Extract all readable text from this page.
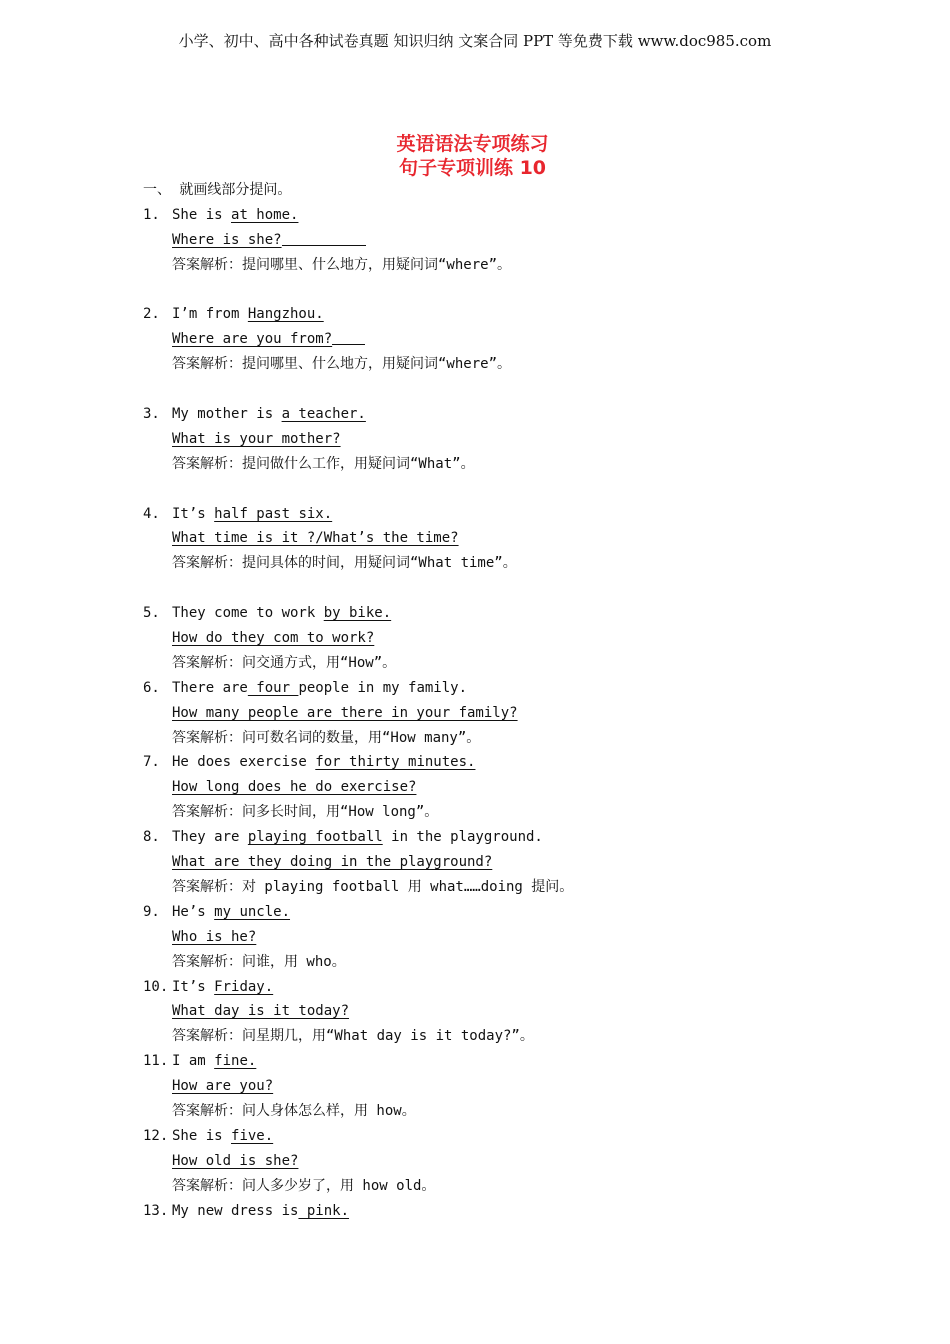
小学、初中、高中各种试卷真题 知识归纳 文案合同 PPT 等免费下载 www.doc985.com
英语语法专项练习
句子专项训练 10
一、 就画线部分提问。
1. She is at home.
Where is she?
答案解析：提问哪里、什么地方，用疑问词“where”。
2. I’m from Hangzhou.
Where are you from?
答案解析：提问哪里、什么地方，用疑问词“where”。
3. My mother is a teacher.
What is your mother?
答案解析：提问做什么工作，用疑问词“What”。
4. It’s half past six.
What time is it ?/What’s the time?
答案解析：提问具体的时间，用疑问词“What time”。
5. They come to work by bike.
How do they com to work?
答案解析：问交通方式，用“How”。
6. There are four people in my family.
How many people are there in your family?
答案解析：问可数名词的数量，用“How many”。
7. He does exercise for thirty minutes.
How long does he do exercise?
答案解析：问多长时间，用“How long”。
8. They are playing football in the playground.
What are they doing in the playground?
答案解析：对 playing football 用 what……doing 提问。
9. He’s my uncle.
Who is he?
答案解析：问谁，用 who。
10. It’s Friday.
What day is it today?
答案解析：问星期几，用“What day is it today?”。
11. I am fine.
How are you?
答案解析：问人身体怎么样，用 how。
12. She is five.
How old is she?
答案解析：问人多少岁了，用 how old。
13. My new dress is pink.
